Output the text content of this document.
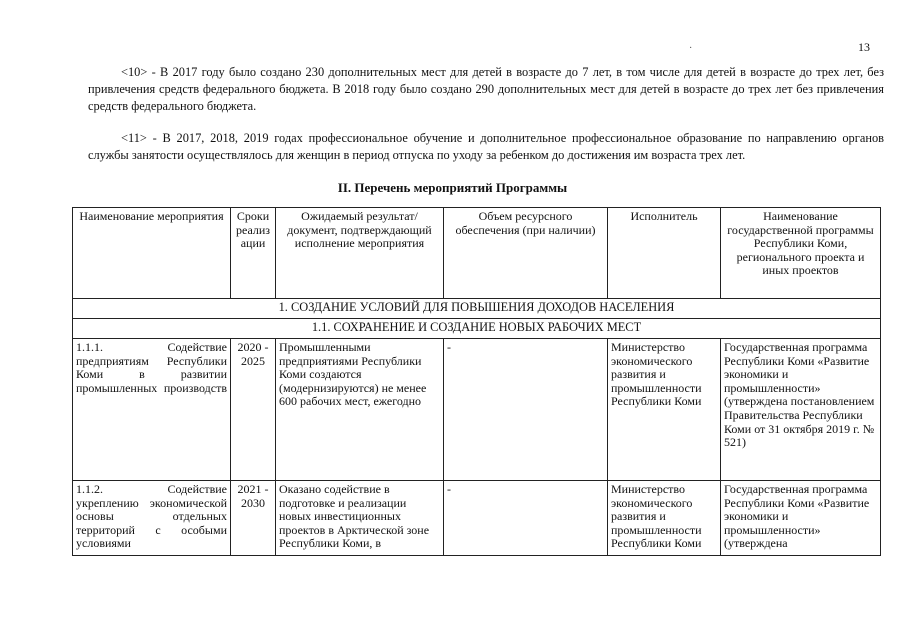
13
·
<10> - В 2017 году было создано 230 дополнительных мест для детей в возрасте до 7 лет, в том числе для детей в возрасте до трех лет, без привлечения средств федерального бюджета. В 2018 году было создано 290 дополнительных мест для детей в возрасте до трех лет без привлечения средств федерального бюджета.
<11> - В 2017, 2018, 2019 годах профессиональное обучение и дополнительное профессиональное образование по направлению органов службы занятости осуществлялось для женщин в период отпуска по уходу за ребенком до достижения им возраста трех лет.
II. Перечень мероприятий Программы
Наименование мероприятия	Сроки реализ ации	Ожидаемый результат/документ, подтверждающий исполнение мероприятия	Объем ресурсного обеспечения (при наличии)	Исполнитель	Наименование государственной программы Республики Коми, регионального проекта и иных проектов
1. СОЗДАНИЕ УСЛОВИЙ ДЛЯ ПОВЫШЕНИЯ ДОХОДОВ НАСЕЛЕНИЯ					
1.1. СОХРАНЕНИЕ И СОЗДАНИЕ НОВЫХ РАБОЧИХ МЕСТ					
1.1.1. Содействие предприятиям Республики Коми в развитии промышленных производств	2020 - 2025	Промышленными предприятиями Республики Коми создаются (модернизируются) не менее 600 рабочих мест, ежегодно	-	Министерство экономического развития и промышленности Республики Коми	Государственная программа Республики Коми «Развитие экономики и промышленности» (утверждена постановлением Правительства Республики Коми от 31 октября 2019 г. № 521)
1.1.2. Содействие укреплению экономической основы отдельных территорий с особыми условиями	2021 - 2030	Оказано содействие в подготовке и реализации новых инвестиционных проектов в Арктической зоне Республики Коми, в	-	Министерство экономического развития и промышленности Республики Коми	Государственная программа Республики Коми «Развитие экономики и промышленности» (утверждена
